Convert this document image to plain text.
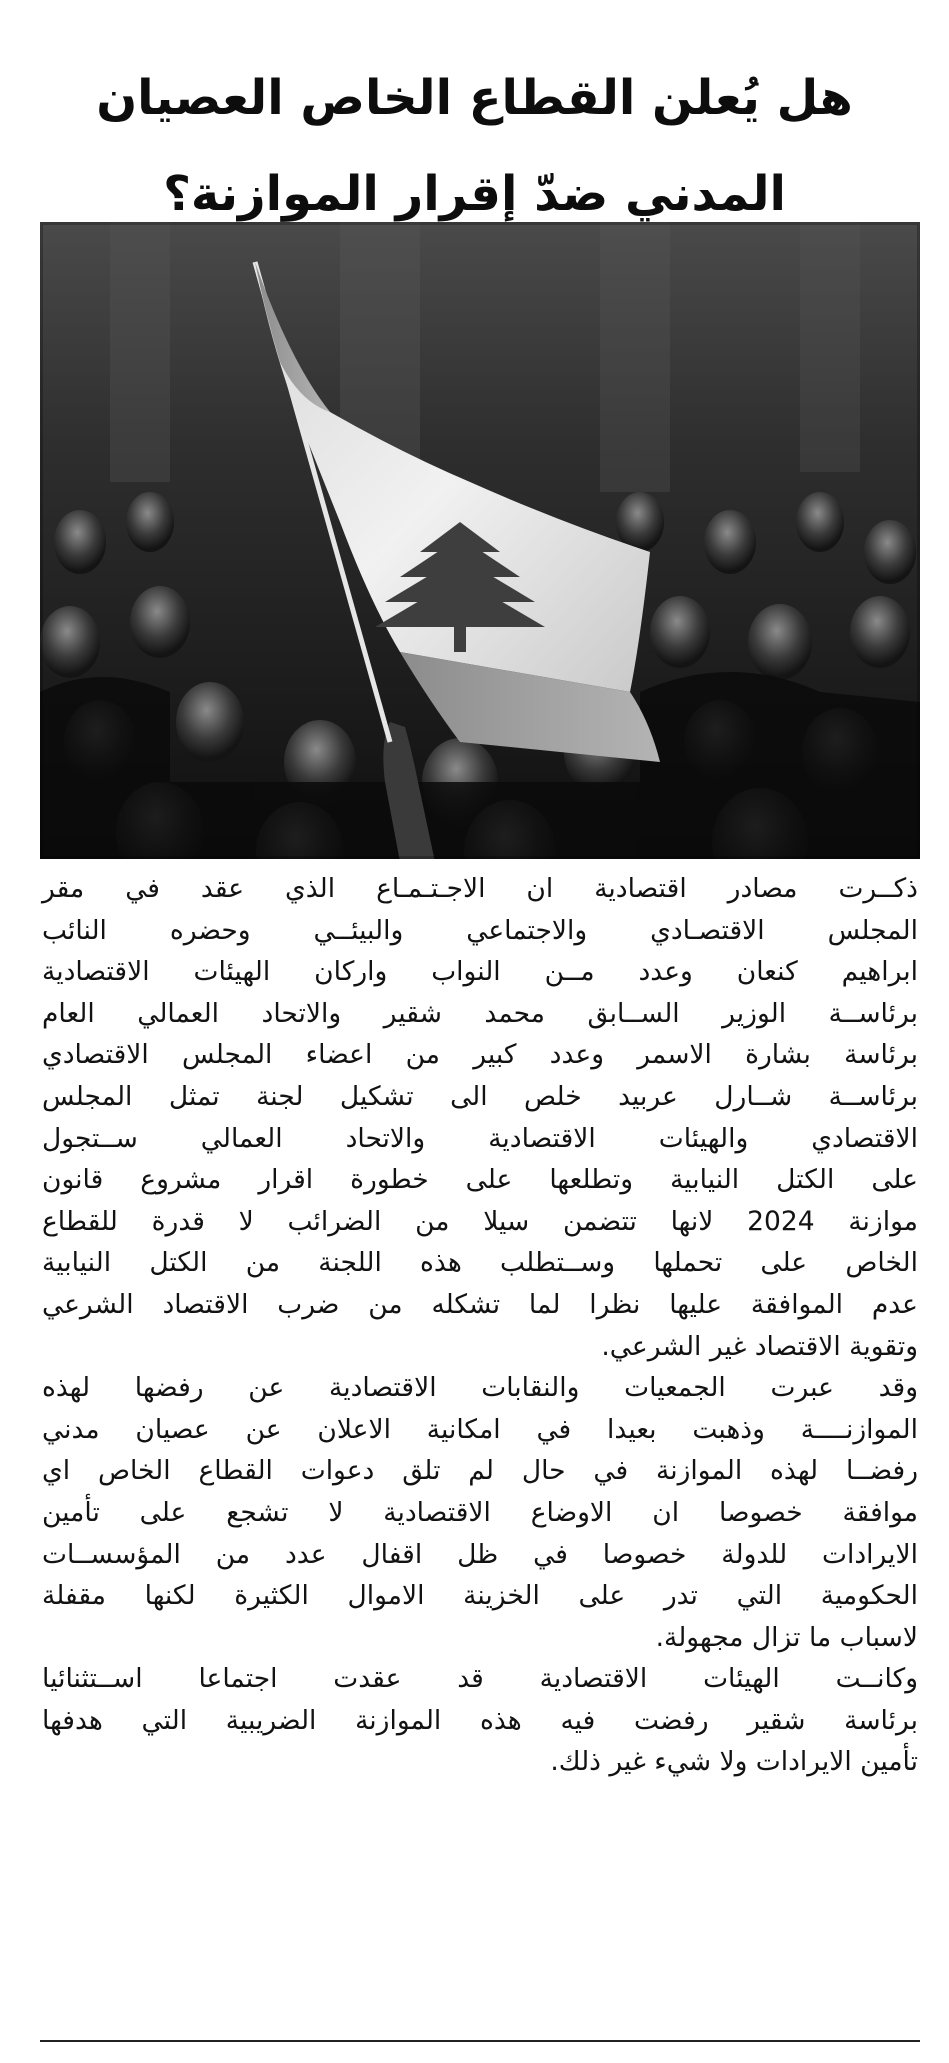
هل يُعلن القطاع الخاص العصيان
المدني ضدّ إقرار الموازنة؟

ذكــرت مصادر اقتصادية ان الاجـتـمـاع الذي عقد في مقر
المجلس الاقتصـادي والاجتماعي والبيئــي وحضره النائب
ابراهيم كنعان وعدد مــن النواب واركان الهيئات الاقتصادية
برئاســة الوزير الســابق محمد شقير والاتحاد العمالي العام
برئاسة بشارة الاسمر وعدد كبير من اعضاء المجلس الاقتصادي
برئاســة شــارل عربيد خلص الى تشكيل لجنة تمثل المجلس
الاقتصادي والهيئات الاقتصادية والاتحاد العمالي ســتجول
على الكتل النيابية وتطلعها على خطورة اقرار مشروع قانون
موازنة 2024 لانها تتضمن سيلا من الضرائب لا قدرة للقطاع
الخاص على تحملها وســتطلب هذه اللجنة من الكتل النيابية
عدم الموافقة عليها نظرا لما تشكله من ضرب الاقتصاد الشرعي
وتقوية الاقتصاد غير الشرعي.

وقد عبرت الجمعيات والنقابات الاقتصادية عن رفضها لهذه
الموازنــــة وذهبت بعيدا في امكانية الاعلان عن عصيان مدني
رفضــا لهذه الموازنة في حال لم تلق دعوات القطاع الخاص اي
موافقة خصوصا ان الاوضاع الاقتصادية لا تشجع على تأمين
الايرادات للدولة خصوصا في ظل اقفال عدد من المؤسســات
الحكومية التي تدر على الخزينة الاموال الكثيرة لكنها مقفلة
لاسباب ما تزال مجهولة.

وكانــت الهيئات الاقتصادية قد عقدت اجتماعا اســتثنائيا
برئاسة شقير رفضت فيه هذه الموازنة الضريبية التي هدفها
تأمين الايرادات ولا شيء غير ذلك.
